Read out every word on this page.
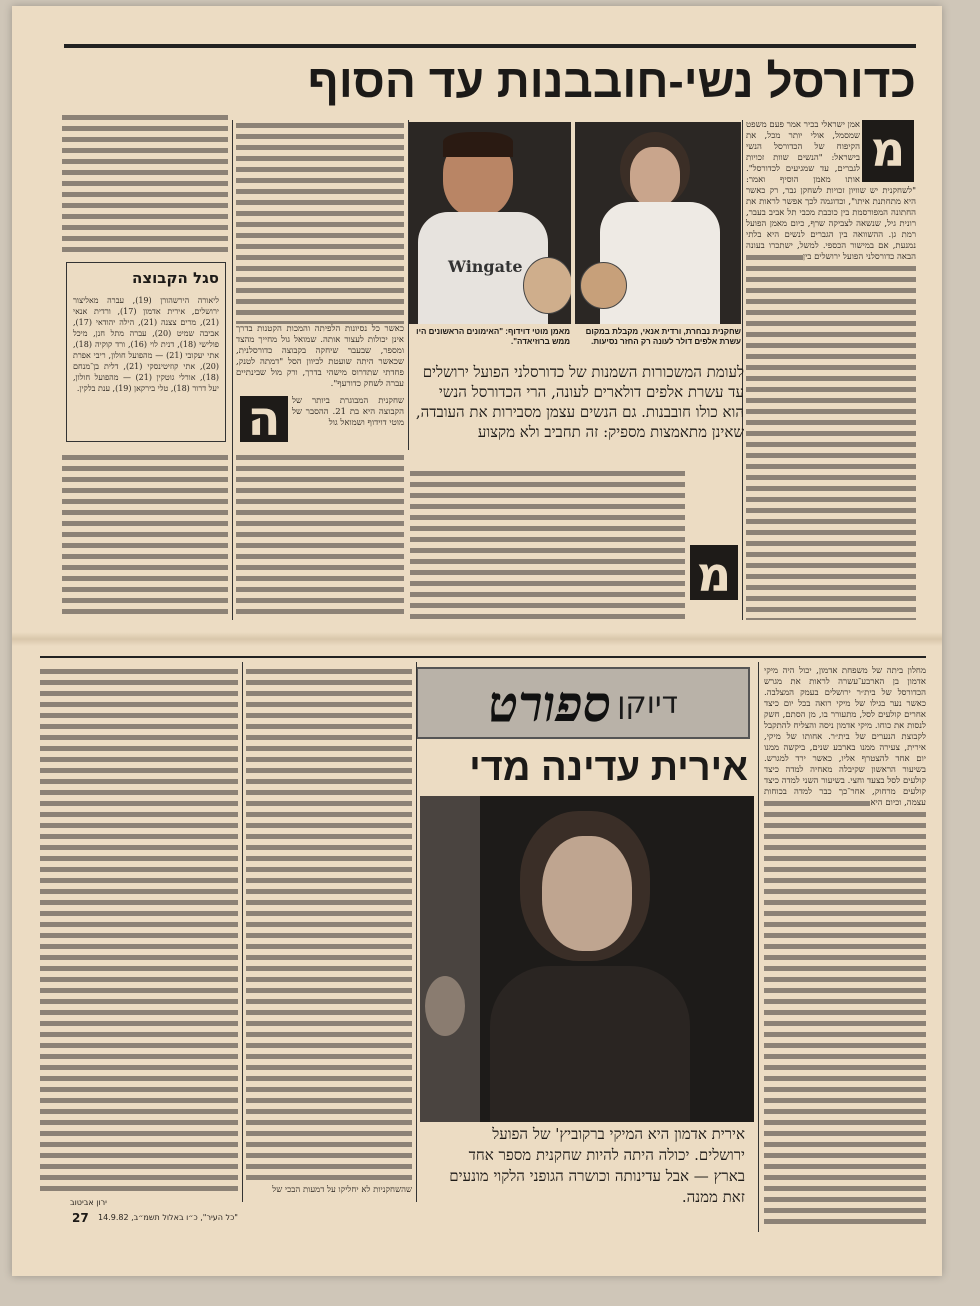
כדורסל נשי-חובבנות עד הסוף
מ
אמן ישראלי בכיר אמר פעם משפט שמסמל, אולי יותר מכל, את הקיפוח של הכדורסל הנשי בישראל: "הנשים שוות זכויות לגברים, עד שמגיעים לכדורסל". אותו מאמן הוסיף ואמר: "לשחקנית יש שוויון זכויות לשחקן גבר, רק כאשר היא מתחתנת איתו", וכדוגמה לכך אפשר לראות את החתונה המפורסמת בין כוכבת מכבי תל אביב בעבר, רונית גיל, שנשאה לצביקה שרף, כיום מאמן הפועל רמת גן. ההשוואה בין הגברים לנשים היא בלתי נמנעת, אם במישור הכספי. למשל, ישתכרו בעונה הבאה כדורסלני הפועל ירושלים בין
Wingate
שחקנית נבחרת, ורדית אנאי, מקבלת במקום עשרת אלפים דולר לעונה רק החזר נסיעות.
מאמן מוטי דוידוף: "האימונים הראשונים היו ממש ברוזיאדה".
לעומת המשכורות השמנות של כדורסלני הפועל ירושלים עד עשרת אלפים דולארים לעונה, הרי הכדורסל הנשי הוא כולו חובבנות. גם הנשים עצמן מסבירות את העובדה, שאינן מתאמצות מספיק: זה תחביב ולא מקצוע
מ
כאשר כל נסיונות הלפיתה והמכות הקטנות בדרך אינן יכולות לעצור אותה. שמואל גול מחייך מהצד ומספר, שבעבר שיחקה בקבוצה כדורסלנית, שכאשר היתה שועטת לכיוון הסל "דמתה לטנק, פחדתי שתדרוס מישהי בדרך, ורק מול שבינתיים עברה לשחק כדורעף".
ה	שחקנית המבוגרת ביותר של הקבוצה היא בת 21. ההסבר של מוטי דוידוף ושמואל גול
סגל הקבוצה
ליאורה הירשהורן (19), עברה מאליצור ירושלים, אירית אדמון (17), ורדית אנאי (21), מרים צצנה (21), הילה יהודאי (17), אביבה שמיט (20), עברה מתל חנן, מיכל פולישי (18), דנית לוי (16), ורד קוקיה (18), אתי יעקובי (21) — מהפועל חולון, ריבי אפרת (20), אתי קוזיטינסקי (21), דלית בן־מנחם (18), אורלי גוטקין (21) — מהפועל חולון, יעל דרור (18), טלי בירקאן (19), ענת בלקין.
מחלון ביתה של משפחת אדמון, יכול היה מיקי אדמון בן הארבע־עשרה לראות את מגרש הכדורסל של בית״ר ירושלים בעמק המצלבה. כאשר נער בגילו של מיקי רואה בכל יום כיצד אחרים קולעים לסל, מתעורר בו, מן הסתם, חשק לנסות את כוחו. מיקי אדמון ניסה והצליח להתקבל לקבוצת הנערים של בית״ר. אחותו של מיקי, אירית, צעירה ממנו בארבע שנים, ביקשה ממנו יום אחד להצטרף אליו, כאשר ירד למגרש. בשיעור הראשון שקיבלה מאחיה למדה כיצד קולעים לסל בצעד וחצי. בשיעור השני למדה כיצד קולעים מרחוק, אחר־כך כבר למדה בכוחות עצמה, וכיום היא
דיוקן
ספורט
אירית עדינה מדי
אירית אדמון היא המיקי ברקוביץ' של הפועל ירושלים. יכולה היתה להיות שחקנית מספר אחד בארץ — אבל עדינותה וכושרה הגופני הלקוי מונעים זאת ממנה.
שהשחקניות לא יחליקו על דמעות הבכי של
ירון אביטוב
27 "כל העיר", כ״ו באלול תשמ״ב, 14.9.82
